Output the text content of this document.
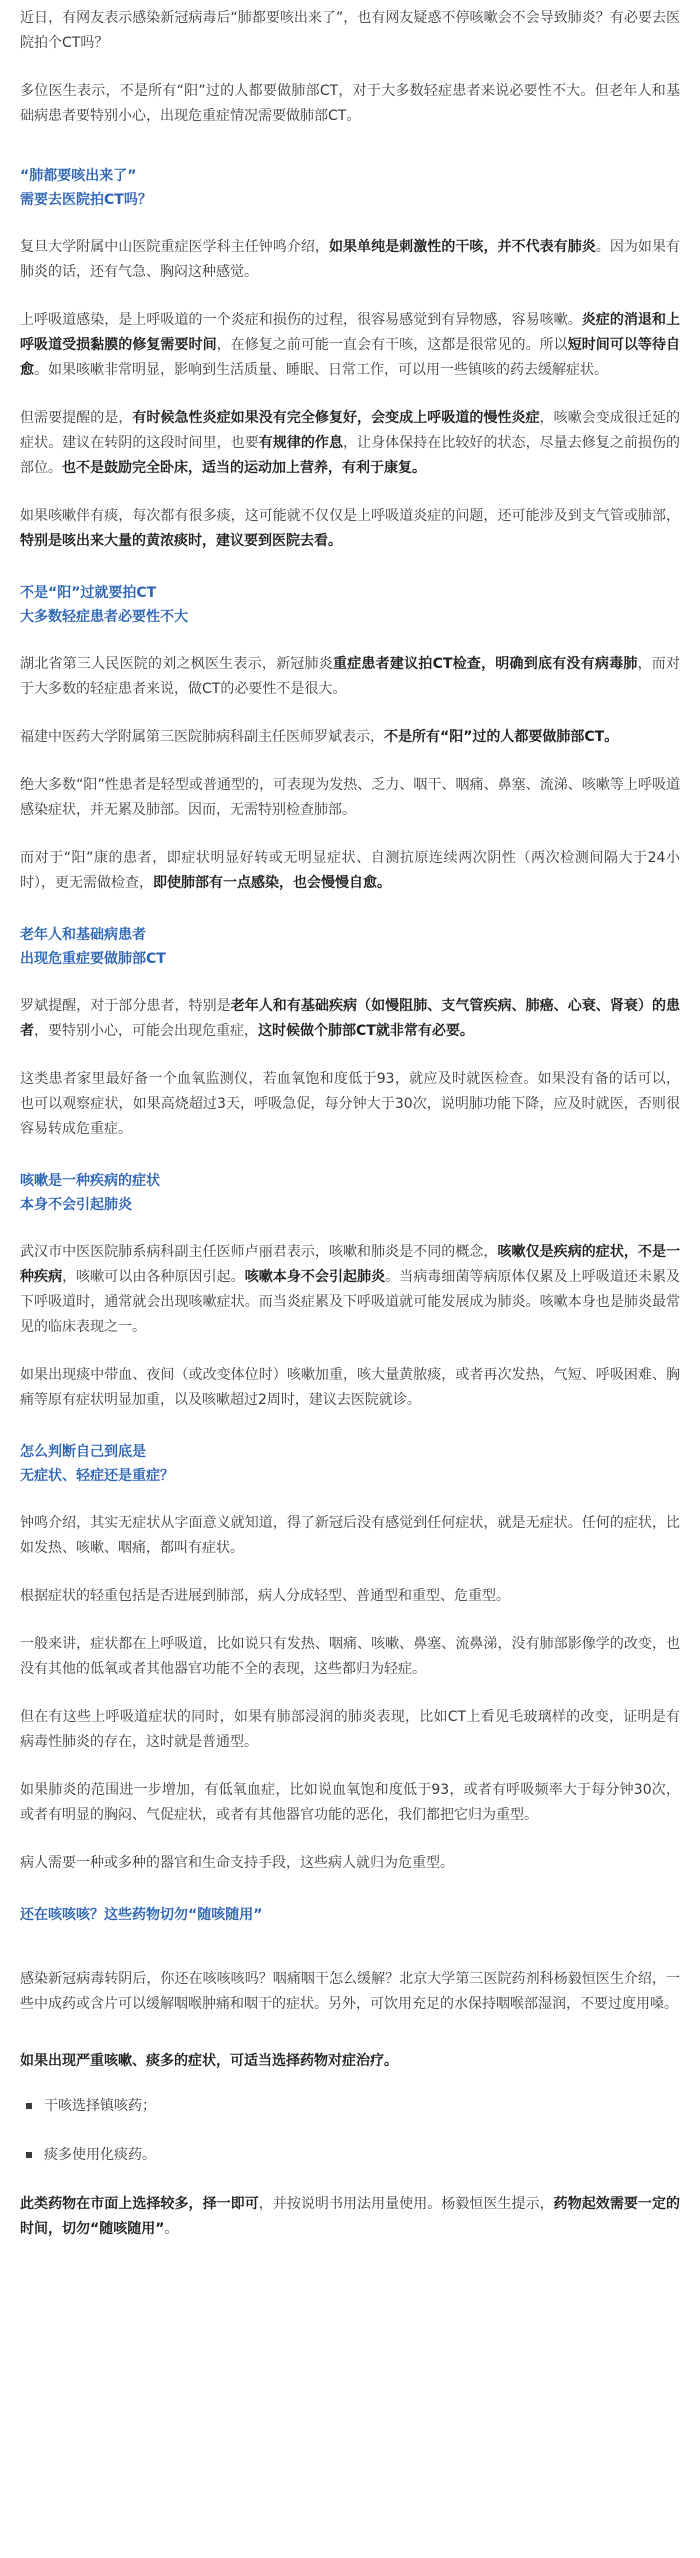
近日，有网友表示感染新冠病毒后“肺都要咳出来了”，也有网友疑惑不停咳嗽会不会导致肺炎？有必要去医院拍个CT吗？

多位医生表示，不是所有“阳”过的人都要做肺部CT，对于大多数轻症患者来说必要性不大。但老年人和基础病患者要特别小心，出现危重症情况需要做肺部CT。

“肺都要咳出来了”
需要去医院拍CT吗？

复旦大学附属中山医院重症医学科主任钟鸣介绍，如果单纯是刺激性的干咳，并不代表有肺炎。因为如果有肺炎的话，还有气急、胸闷这种感觉。

上呼吸道感染，是上呼吸道的一个炎症和损伤的过程，很容易感觉到有异物感，容易咳嗽。炎症的消退和上呼吸道受损黏膜的修复需要时间，在修复之前可能一直会有干咳，这都是很常见的。所以短时间可以等待自愈。如果咳嗽非常明显，影响到生活质量、睡眠、日常工作，可以用一些镇咳的药去缓解症状。

但需要提醒的是，有时候急性炎症如果没有完全修复好，会变成上呼吸道的慢性炎症，咳嗽会变成很迁延的症状。建议在转阴的这段时间里，也要有规律的作息，让身体保持在比较好的状态，尽量去修复之前损伤的部位。也不是鼓励完全卧床，适当的运动加上营养，有利于康复。

如果咳嗽伴有痰，每次都有很多痰，这可能就不仅仅是上呼吸道炎症的问题，还可能涉及到支气管或肺部，特别是咳出来大量的黄浓痰时，建议要到医院去看。

不是“阳”过就要拍CT
大多数轻症患者必要性不大

湖北省第三人民医院的刘之枫医生表示，新冠肺炎重症患者建议拍CT检查，明确到底有没有病毒肺，而对于大多数的轻症患者来说，做CT的必要性不是很大。

福建中医药大学附属第三医院肺病科副主任医师罗斌表示，不是所有“阳”过的人都要做肺部CT。

绝大多数“阳”性患者是轻型或普通型的，可表现为发热、乏力、咽干、咽痛、鼻塞、流涕、咳嗽等上呼吸道感染症状，并无累及肺部。因而，无需特别检查肺部。

而对于“阳”康的患者，即症状明显好转或无明显症状、自测抗原连续两次阴性（两次检测间隔大于24小时），更无需做检查，即使肺部有一点感染，也会慢慢自愈。

老年人和基础病患者
出现危重症要做肺部CT

罗斌提醒，对于部分患者，特别是老年人和有基础疾病（如慢阻肺、支气管疾病、肺癌、心衰、肾衰）的患者，要特别小心，可能会出现危重症，这时候做个肺部CT就非常有必要。

这类患者家里最好备一个血氧监测仪，若血氧饱和度低于93，就应及时就医检查。如果没有备的话可以，也可以观察症状，如果高烧超过3天，呼吸急促，每分钟大于30次，说明肺功能下降，应及时就医，否则很容易转成危重症。

咳嗽是一种疾病的症状
本身不会引起肺炎

武汉市中医医院肺系病科副主任医师卢丽君表示，咳嗽和肺炎是不同的概念，咳嗽仅是疾病的症状，不是一种疾病，咳嗽可以由各种原因引起。咳嗽本身不会引起肺炎。当病毒细菌等病原体仅累及上呼吸道还未累及下呼吸道时，通常就会出现咳嗽症状。而当炎症累及下呼吸道就可能发展成为肺炎。咳嗽本身也是肺炎最常见的临床表现之一。

如果出现痰中带血、夜间（或改变体位时）咳嗽加重，咳大量黄脓痰，或者再次发热，气短、呼吸困难、胸痛等原有症状明显加重，以及咳嗽超过2周时，建议去医院就诊。

怎么判断自己到底是
无症状、轻症还是重症？

钟鸣介绍，其实无症状从字面意义就知道，得了新冠后没有感觉到任何症状，就是无症状。任何的症状，比如发热、咳嗽、咽痛，都叫有症状。

根据症状的轻重包括是否进展到肺部，病人分成轻型、普通型和重型、危重型。

一般来讲，症状都在上呼吸道，比如说只有发热、咽痛、咳嗽、鼻塞、流鼻涕，没有肺部影像学的改变，也没有其他的低氧或者其他器官功能不全的表现，这些都归为轻症。

但在有这些上呼吸道症状的同时，如果有肺部浸润的肺炎表现，比如CT上看见毛玻璃样的改变，证明是有病毒性肺炎的存在，这时就是普通型。

如果肺炎的范围进一步增加，有低氧血症，比如说血氧饱和度低于93，或者有呼吸频率大于每分钟30次，或者有明显的胸闷、气促症状，或者有其他器官功能的恶化，我们都把它归为重型。

病人需要一种或多种的器官和生命支持手段，这些病人就归为危重型。

还在咳咳咳？这些药物切勿“随咳随用”

感染新冠病毒转阴后，你还在咳咳咳吗？咽痛咽干怎么缓解？北京大学第三医院药剂科杨毅恒医生介绍，一些中成药或含片可以缓解咽喉肿痛和咽干的症状。另外，可饮用充足的水保持咽喉部湿润，不要过度用嗓。

如果出现严重咳嗽、痰多的症状，可适当选择药物对症治疗。

干咳选择镇咳药；
痰多使用化痰药。

此类药物在市面上选择较多，择一即可，并按说明书用法用量使用。杨毅恒医生提示，药物起效需要一定的时间，切勿“随咳随用”。
